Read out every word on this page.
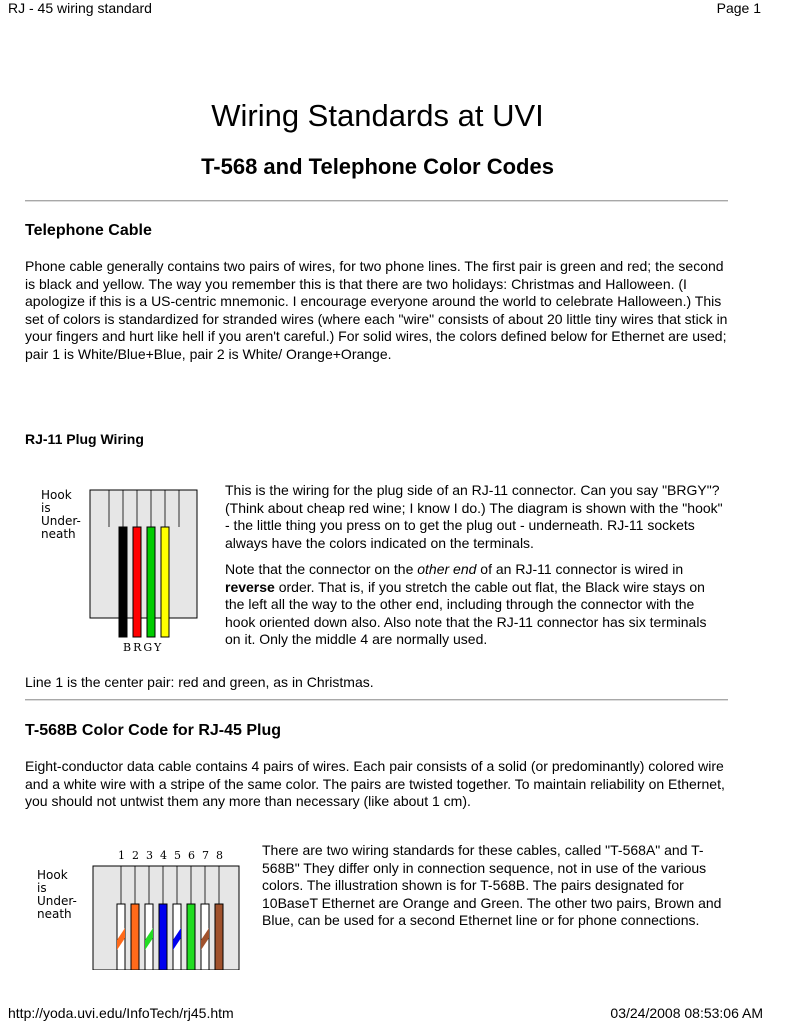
RJ - 45 wiring standard	Page 1
Wiring Standards at UVI
T-568 and Telephone Color Codes
Telephone Cable

Phone cable generally contains two pairs of wires, for two phone lines. The first pair is green and red; the second is black and yellow. The way you remember this is that there are two holidays: Christmas and Halloween. (I apologize if this is a US-centric mnemonic. I encourage everyone around the world to celebrate Halloween.) This set of colors is standardized for stranded wires (where each "wire" consists of about 20 little tiny wires that stick in your fingers and hurt like hell if you aren't careful.) For solid wires, the colors defined below for Ethernet are used; pair 1 is White/Blue+Blue, pair 2 is White/ Orange+Orange.

RJ-11 Plug Wiring
Hook
is
Under-
neath
BRGY

This is the wiring for the plug side of an RJ-11 connector. Can you say "BRGY"? (Think about cheap red wine; I know I do.) The diagram is shown with the "hook" - the little thing you press on to get the plug out - underneath. RJ-11 sockets always have the colors indicated on the terminals.

Note that the connector on the other end of an RJ-11 connector is wired in reverse order. That is, if you stretch the cable out flat, the Black wire stays on the left all the way to the other end, including through the connector with the hook oriented down also. Also note that the RJ-11 connector has six terminals on it. Only the middle 4 are normally used.

Line 1 is the center pair: red and green, as in Christmas.
T-568B Color Code for RJ-45 Plug

Eight-conductor data cable contains 4 pairs of wires. Each pair consists of a solid (or predominantly) colored wire and a white wire with a stripe of the same color. The pairs are twisted together. To maintain reliability on Ethernet, you should not untwist them any more than necessary (like about 1 cm).

1 2 3 4 5 6 7 8
Hook
is
Under-
neath

There are two wiring standards for these cables, called "T-568A" and T-568B" They differ only in connection sequence, not in use of the various colors. The illustration shown is for T-568B. The pairs designated for 10BaseT Ethernet are Orange and Green. The other two pairs, Brown and Blue, can be used for a second Ethernet line or for phone connections.

http://yoda.uvi.edu/InfoTech/rj45.htm	03/24/2008 08:53:06 AM
